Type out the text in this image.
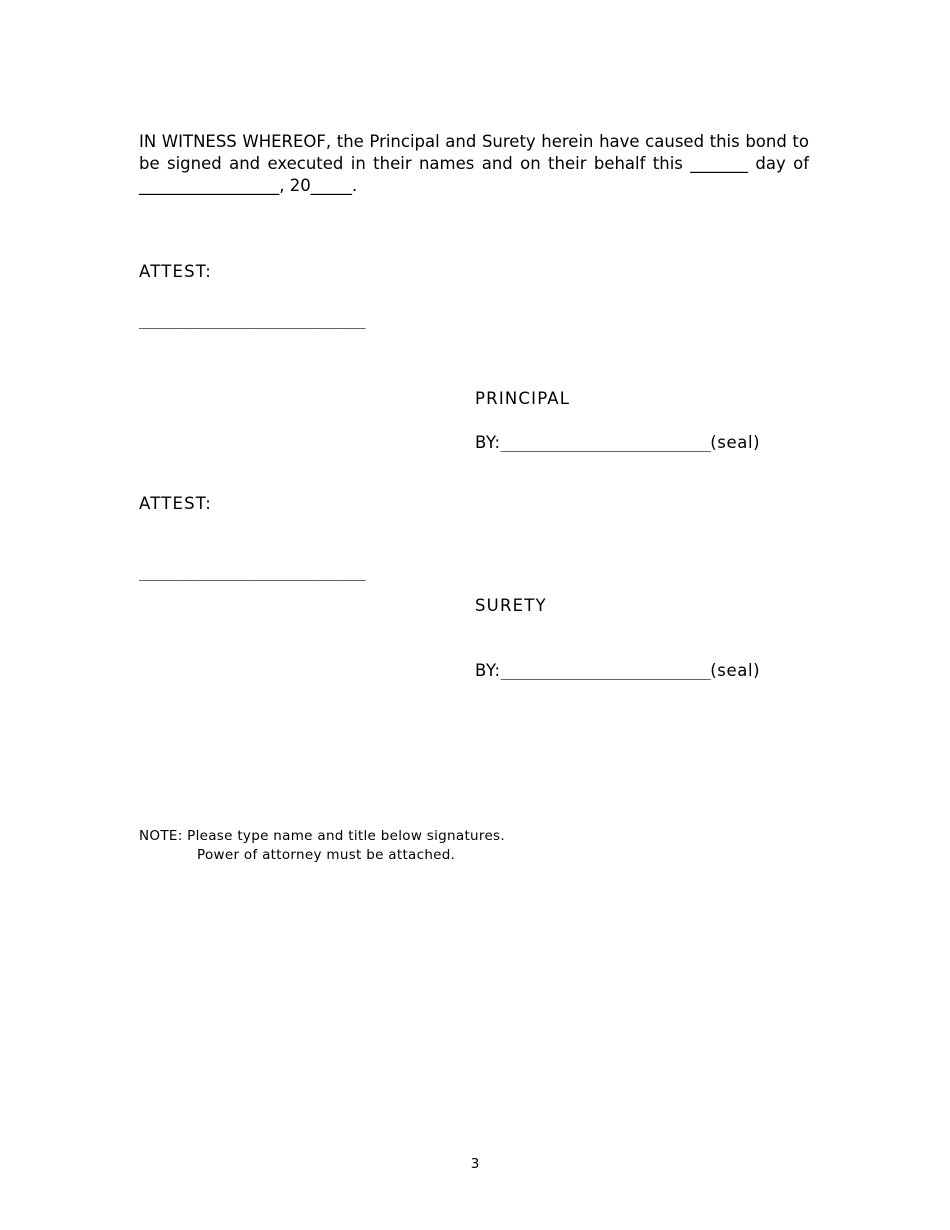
IN WITNESS WHEREOF, the Principal and Surety herein have caused this bond to be signed and executed in their names and on their behalf this _______ day of _________________, 20_____.
ATTEST:
________________________
PRINCIPAL
BY:________________________(seal)
ATTEST:
________________________
SURETY
BY:________________________(seal)
NOTE: Please type name and title below signatures.
Power of attorney must be attached.
3
